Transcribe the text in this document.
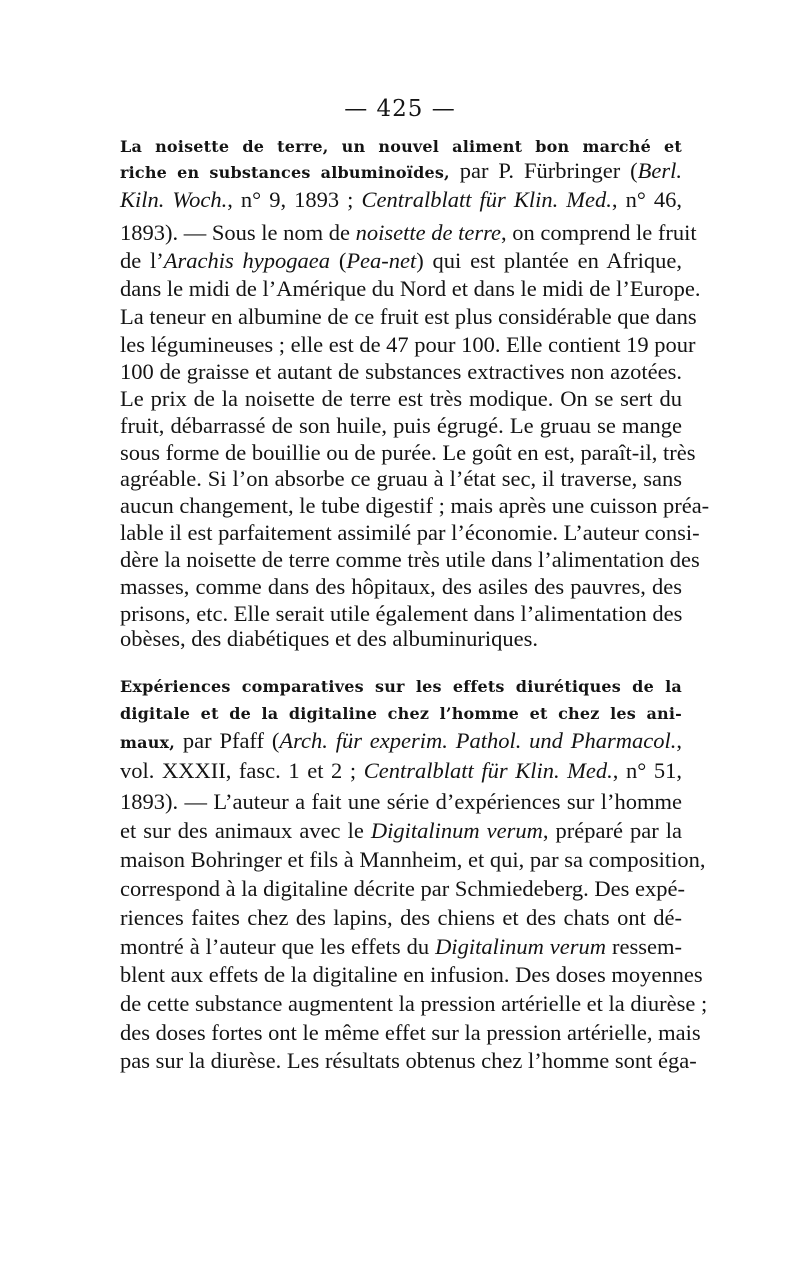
— 425 —
La noisette de terre, un nouvel aliment bon marché et
riche en substances albuminoïdes, par P. Fürbringer (Berl.
Kiln. Woch., n° 9, 1893 ; Centralblatt für Klin. Med., n° 46,
1893). — Sous le nom de noisette de terre, on comprend le fruit
de l’Arachis hypogaea (Pea-net) qui est plantée en Afrique,
dans le midi de l’Amérique du Nord et dans le midi de l’Europe.
La teneur en albumine de ce fruit est plus considérable que dans
les légumineuses ; elle est de 47 pour 100. Elle contient 19 pour
100 de graisse et autant de substances extractives non azotées.
Le prix de la noisette de terre est très modique. On se sert du
fruit, débarrassé de son huile, puis égrugé. Le gruau se mange
sous forme de bouillie ou de purée. Le goût en est, paraît-il, très
agréable. Si l’on absorbe ce gruau à l’état sec, il traverse, sans
aucun changement, le tube digestif ; mais après une cuisson préa-
lable il est parfaitement assimilé par l’économie. L’auteur consi-
dère la noisette de terre comme très utile dans l’alimentation des
masses, comme dans des hôpitaux, des asiles des pauvres, des
prisons, etc. Elle serait utile également dans l’alimentation des
obèses, des diabétiques et des albuminuriques.
Expériences comparatives sur les effets diurétiques de la
digitale et de la digitaline chez l’homme et chez les ani-
maux, par Pfaff (Arch. für experim. Pathol. und Pharmacol.,
vol. XXXII, fasc. 1 et 2 ; Centralblatt für Klin. Med., n° 51,
1893). — L’auteur a fait une série d’expériences sur l’homme
et sur des animaux avec le Digitalinum verum, préparé par la
maison Bohringer et fils à Mannheim, et qui, par sa composition,
correspond à la digitaline décrite par Schmiedeberg. Des expé-
riences faites chez des lapins, des chiens et des chats ont dé-
montré à l’auteur que les effets du Digitalinum verum ressem-
blent aux effets de la digitaline en infusion. Des doses moyennes
de cette substance augmentent la pression artérielle et la diurèse ;
des doses fortes ont le même effet sur la pression artérielle, mais
pas sur la diurèse. Les résultats obtenus chez l’homme sont éga-
